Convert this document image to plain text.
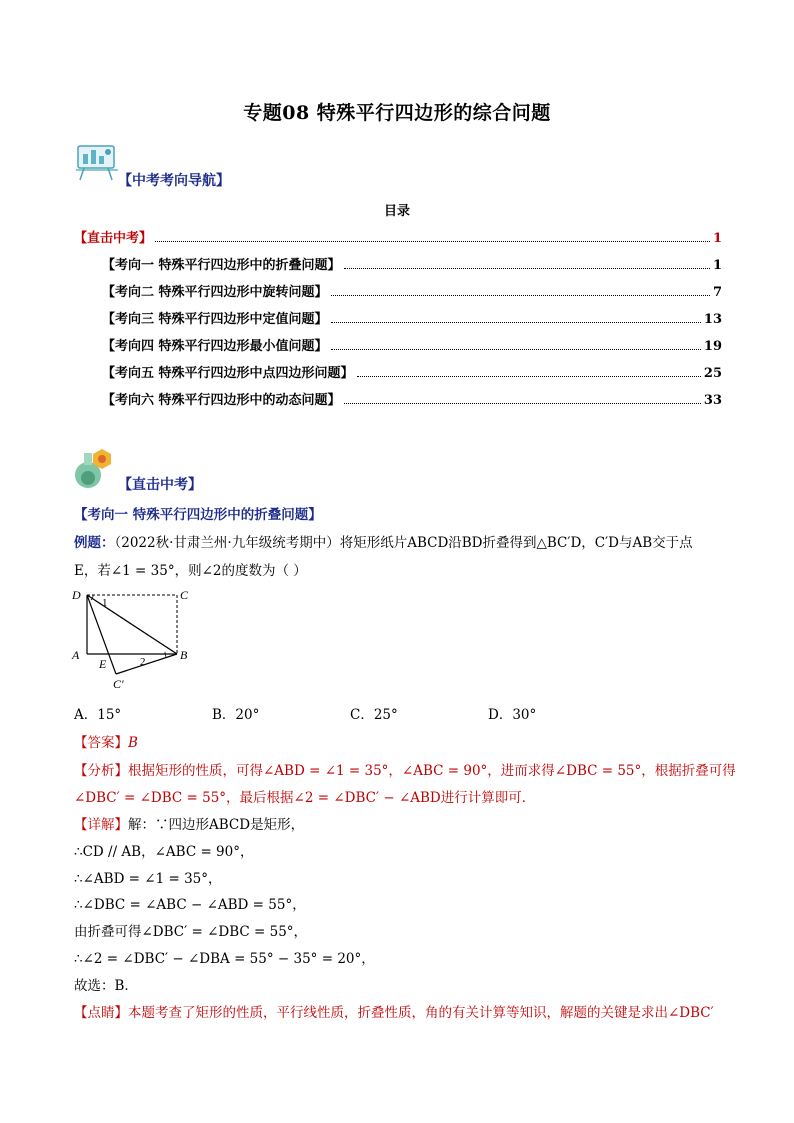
专题08 特殊平行四边形的综合问题
【中考考向导航】
目录
【直击中考】	1
【考向一 特殊平行四边形中的折叠问题】	1
【考向二 特殊平行四边形中旋转问题】	7
【考向三 特殊平行四边形中定值问题】	13
【考向四 特殊平行四边形最小值问题】	19
【考向五 特殊平行四边形中点四边形问题】	25
【考向六 特殊平行四边形中的动态问题】	33
【直击中考】
【考向一 特殊平行四边形中的折叠问题】
例题：（2022秋·甘肃兰州·九年级统考期中）将矩形纸片ABCD沿BD折叠得到△BC′D，C′D与AB交于点
E，若∠1 = 35°，则∠2的度数为（ ）
D	C
A	B
E
C′
1
2
A．15°	B．20°	C．25°	D．30°
【答案】B
【分析】根据矩形的性质，可得∠ABD = ∠1 = 35°，∠ABC = 90°，进而求得∠DBC = 55°，根据折叠可得
∠DBC′ = ∠DBC = 55°，最后根据∠2 = ∠DBC′ − ∠ABD进行计算即可．
【详解】解：∵四边形ABCD是矩形，
∴CD // AB，∠ABC = 90°，
∴∠ABD = ∠1 = 35°，
∴∠DBC = ∠ABC − ∠ABD = 55°，
由折叠可得∠DBC′ = ∠DBC = 55°，
∴∠2 = ∠DBC′ − ∠DBA = 55° − 35° = 20°，
故选：B．
【点睛】本题考查了矩形的性质，平行线性质，折叠性质，角的有关计算等知识，解题的关键是求出∠DBC′
